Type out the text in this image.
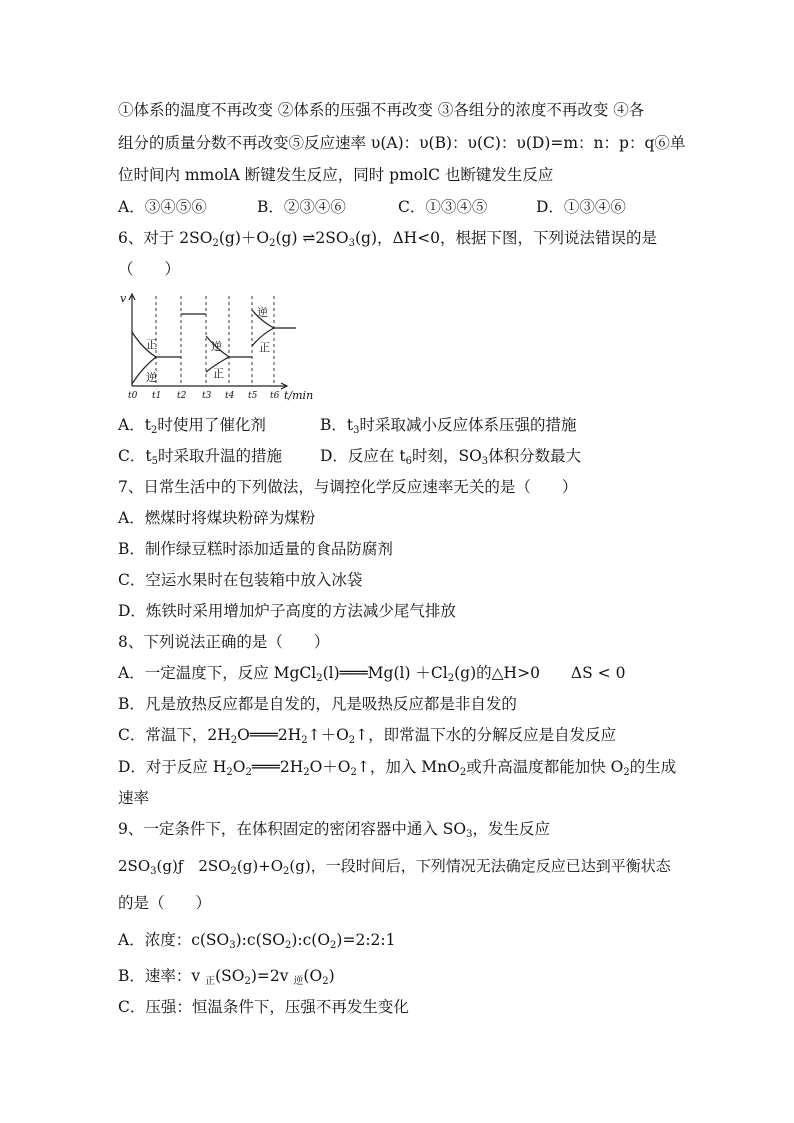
①体系的温度不再改变 ②体系的压强不再改变 ③各组分的浓度不再改变 ④各
组分的质量分数不再改变⑤反应速率 υ(A)：υ(B)：υ(C)：υ(D)=m：n：p：q⑥单
位时间内 mmolA 断键发生反应，同时 pmolC 也断键发生反应
A．③④⑤⑥	B．②③④⑥	C．①③④⑤	D．①③④⑥
6、对于 $2SO_2(g)+O_2(g)$ $\rightleftharpoons 2SO_3(g)$，ΔH<0，根据下图，下列说法错误的是
（　　）
v
t/min
t0 t1 t2 t3 t4 t5 t6
正
逆
逆
正
逆
正
A．$t_2$时使用了催化剂	B．$t_3$时采取减小反应体系压强的措施
C．$t_5$时采取升温的措施 D．反应在 $t_6$时刻，$SO_3$体积分数最大
7、日常生活中的下列做法，与调控化学反应速率无关的是（　　）
A．燃煤时将煤块粉碎为煤粉
B．制作绿豆糕时添加适量的食品防腐剂
C．空运水果时在包装箱中放入冰袋
D．炼铁时采用增加炉子高度的方法减少尾气排放
8、下列说法正确的是（　　）
A．一定温度下，反应 MgCl$_2$(l)═══Mg(l) $+Cl_2(g)$的△H>0　　ΔS < 0
B．凡是放热反应都是自发的，凡是吸热反应都是非自发的
C．常温下，$2H_2O═══2H_2↑+O_2↑$，即常温下水的分解反应是自发反应
D．对于反应 $H_2O_2═══2H_2O+O_2↑$，加入 MnO$_2$或升高温度都能加快 $O_2$的生成
速率
9、一定条件下，在体积固定的密闭容器中通入 $SO_3$，发生反应
$2SO_3(g)ƒ$　$2SO_2(g)+O_2(g)$，一段时间后，下列情况无法确定反应已达到平衡状态
的是（　　）
A．浓度：$c(SO_3):c(SO_2):c(O_2)=2:2:1$
B．速率：v $_正(SO_2)=2v$ $_逆(O_2)$
C．压强：恒温条件下，压强不再发生变化
